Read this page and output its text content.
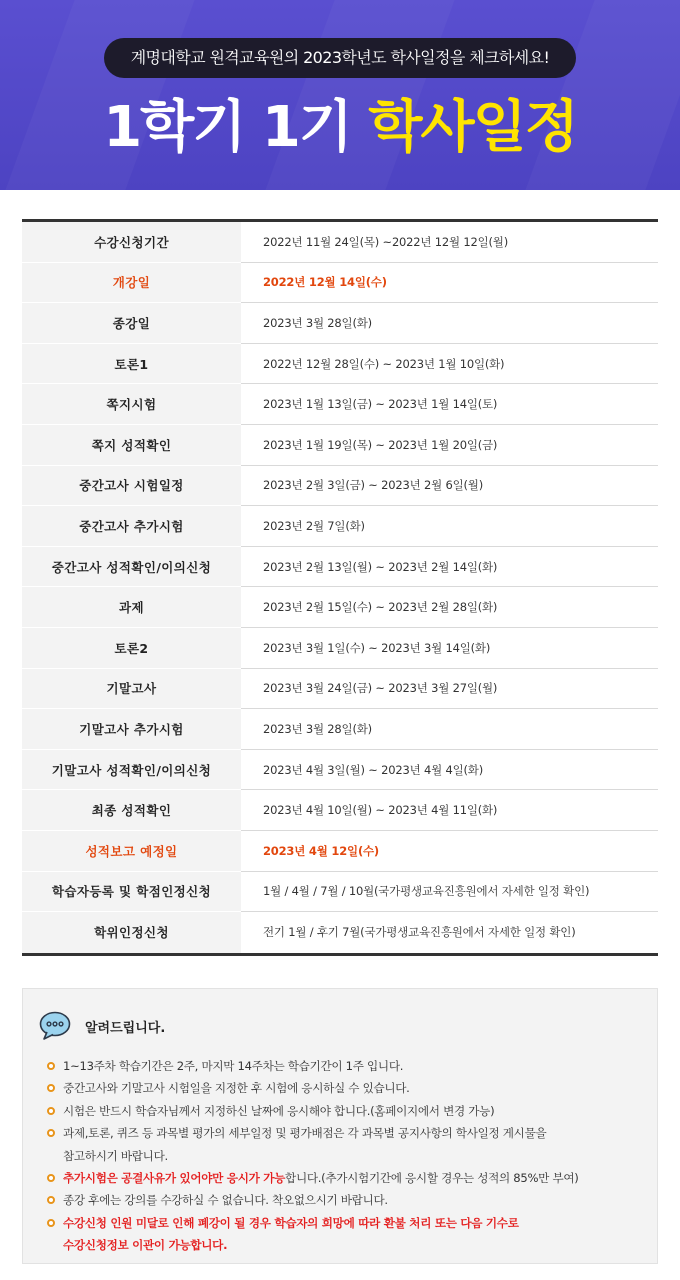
계명대학교 원격교육원의 2023학년도 학사일정을 체크하세요!
1학기 1기 학사일정
수강신청기간	2022년 11월 24일(목) ~2022년 12월 12일(월)
개강일	2022년 12월 14일(수)
종강일	2023년 3월 28일(화)
토론1	2022년 12월 28일(수) ~ 2023년 1월 10일(화)
쪽지시험	2023년 1월 13일(금) ~ 2023년 1월 14일(토)
쪽지 성적확인	2023년 1월 19일(목) ~ 2023년 1월 20일(금)
중간고사 시험일정	2023년 2월 3일(금) ~ 2023년 2월 6일(월)
중간고사 추가시험	2023년 2월 7일(화)
중간고사 성적확인/이의신청	2023년 2월 13일(월) ~ 2023년 2월 14일(화)
과제	2023년 2월 15일(수) ~ 2023년 2월 28일(화)
토론2	2023년 3월 1일(수) ~ 2023년 3월 14일(화)
기말고사	2023년 3월 24일(금) ~ 2023년 3월 27일(월)
기말고사 추가시험	2023년 3월 28일(화)
기말고사 성적확인/이의신청	2023년 4월 3일(월) ~ 2023년 4월 4일(화)
최종 성적확인	2023년 4월 10일(월) ~ 2023년 4월 11일(화)
성적보고 예정일	2023년 4월 12일(수)
학습자등록 및 학점인정신청	1월 / 4월 / 7월 / 10월(국가평생교육진흥원에서 자세한 일정 확인)
학위인정신청	전기 1월 / 후기 7월(국가평생교육진흥원에서 자세한 일정 확인)
알려드립니다.
1~13주차 학습기간은 2주, 마지막 14주차는 학습기간이 1주 입니다.
중간고사와 기말고사 시험일을 지정한 후 시험에 응시하실 수 있습니다.
시험은 반드시 학습자님께서 지정하신 날짜에 응시해야 합니다.(홈페이지에서 변경 가능)
과제,토론, 퀴즈 등 과목별 평가의 세부일정 및 평가배점은 각 과목별 공지사항의 학사일정 게시물을
참고하시기 바랍니다.
추가시험은 공결사유가 있어야만 응시가 가능합니다.(추가시험기간에 응시할 경우는 성적의 85%만 부여)
종강 후에는 강의를 수강하실 수 없습니다. 착오없으시기 바랍니다.
수강신청 인원 미달로 인해 폐강이 될 경우 학습자의 희망에 따라 환불 처리 또는 다음 기수로
수강신청정보 이관이 가능합니다.
